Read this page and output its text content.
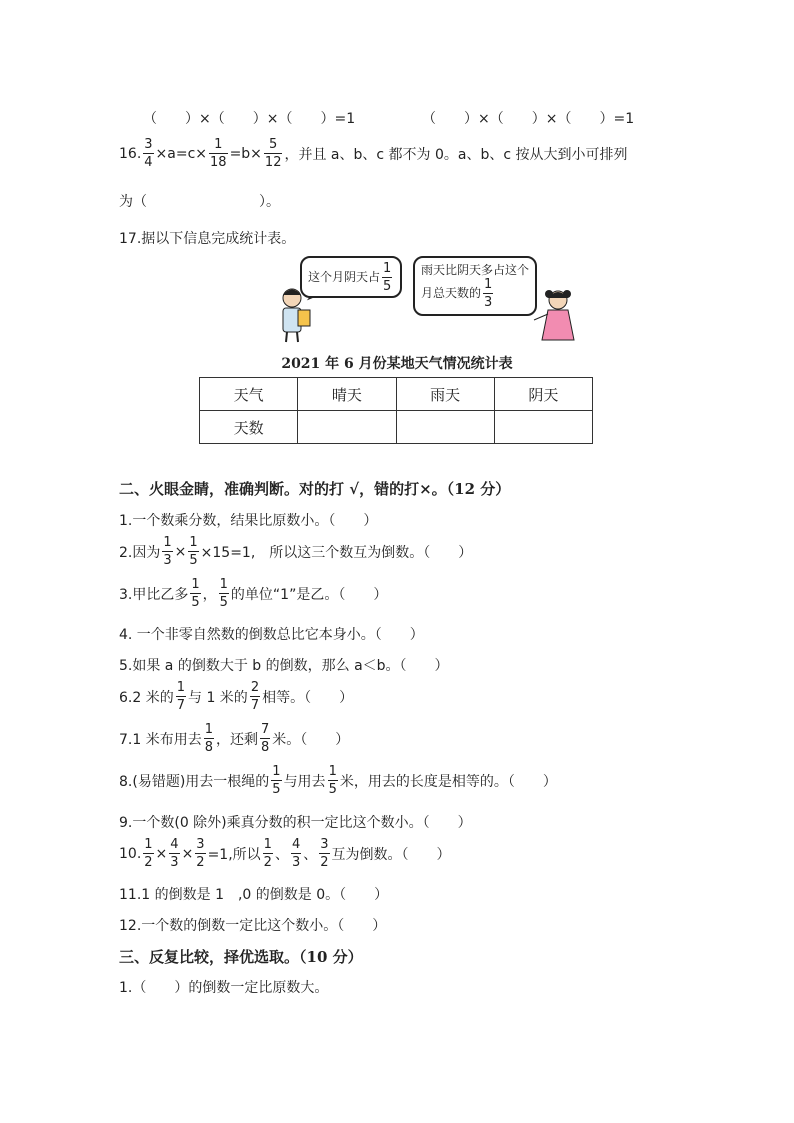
（　　）×（　　）×（　　）=1	（　　）×（　　）×（　　）=1
16. $\frac{3}{4} \times a=c\times \frac{1}{18} =b\times \frac{5}{12}$ ，并且 a、b、c 都不为 0。a、b、c 按从大到小可排列
为（　　　　　　　　）。
17.据以下信息完成统计表。
这个月阴天占 $\frac{1}{5}$ 雨天比阴天多占这个
月总天数的 $\frac{1}{3}$
2021 年 6 月份某地天气情况统计表
天气	晴天	雨天	阴天
天数			
二、火眼金睛，准确判断。对的打 √，错的打×。（12 分）
1.一个数乘分数，结果比原数小。（　　）
2.因为 $\frac{1}{3} \times \frac{1}{5} \times 15=1$,　所以这三个数互为倒数。（　　）
3.甲比乙多 $\frac{1}{5}$ ， $\frac{1}{5}$ 的单位“1”是乙。（　　）
4. 一个非零自然数的倒数总比它本身小。（　　）
5.如果 a 的倒数大于 b 的倒数，那么 a＜b。（　　）
6.2 米的 $\frac{1}{7}$ 与 1 米的 $\frac{2}{7}$ 相等。（　　）
7.1 米布用去 $\frac{1}{8}$ ，还剩 $\frac{7}{8}$ 米。（　　）
8.(易错题)用去一根绳的 $\frac{1}{5}$ 与用去 $\frac{1}{5}$ 米，用去的长度是相等的。（　　）
9.一个数(0 除外)乘真分数的积一定比这个数小。（　　）
10. $\frac{1}{2} \times \frac{4}{3} \times \frac{3}{2} =1$,所以 $\frac{1}{2}$ 、 $\frac{4}{3}$ 、 $\frac{3}{2}$ 互为倒数。（　　）
11.1 的倒数是 1　,0 的倒数是 0。（　　）
12.一个数的倒数一定比这个数小。（　　）
三、反复比较，择优选取。（10 分）
1.（　　）的倒数一定比原数大。
